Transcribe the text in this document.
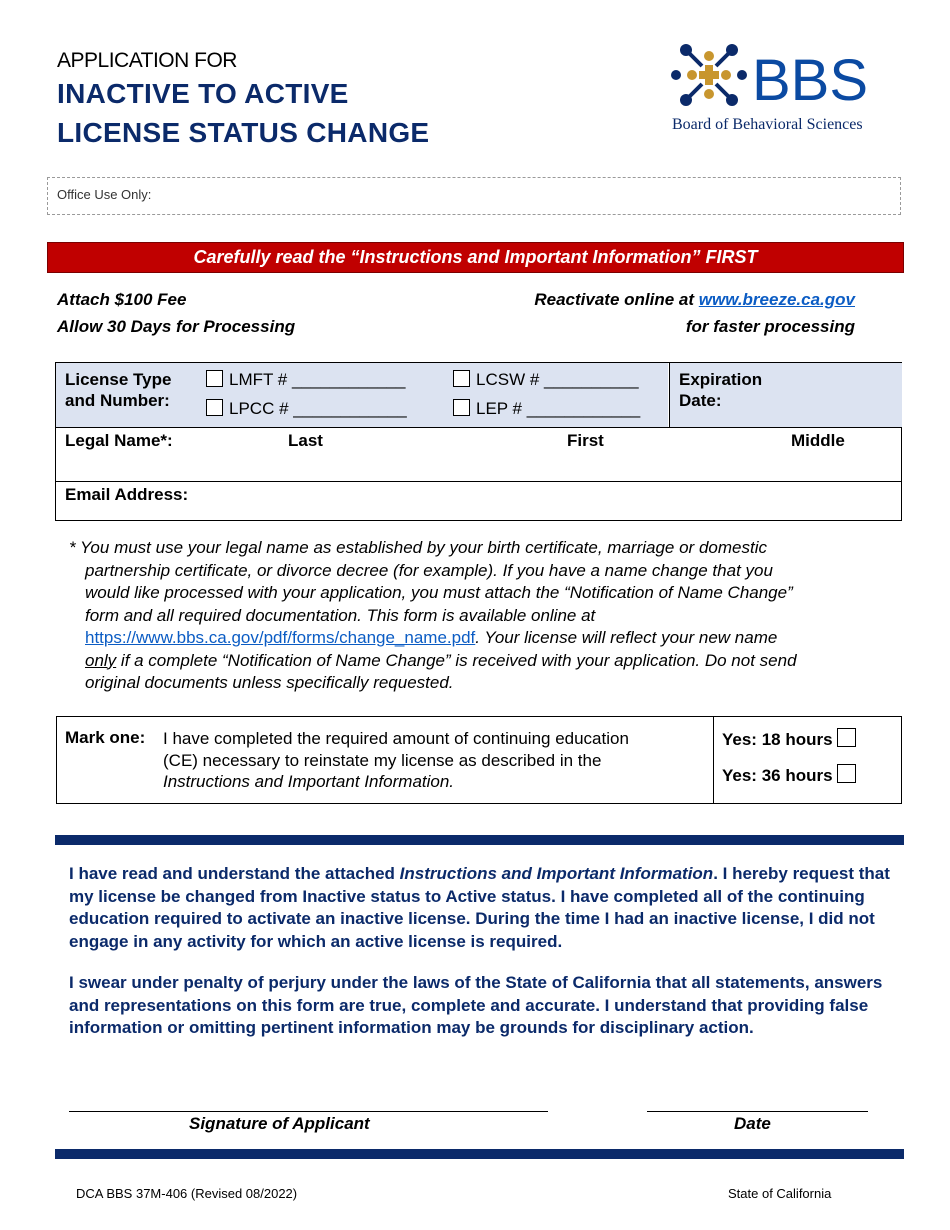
APPLICATION FOR
INACTIVE TO ACTIVE
LICENSE STATUS CHANGE
BBS
Board of Behavioral Sciences
Office Use Only:
Carefully read the “Instructions and Important Information” FIRST
Attach $100 Fee
Allow 30 Days for Processing
Reactivate online at www.breeze.ca.gov
for faster processing
License Type
and Number:
LMFT # ____________	LCSW # __________
LPCC # ____________	LEP # ____________
Expiration
Date:
Legal Name*:	Last	First	Middle
Email Address:
* You must use your legal name as established by your birth certificate, marriage or domestic
partnership certificate, or divorce decree (for example). If you have a name change that you
would like processed with your application, you must attach the “Notification of Name Change”
form and all required documentation. This form is available online at
https://www.bbs.ca.gov/pdf/forms/change_name.pdf. Your license will reflect your new name
only if a complete “Notification of Name Change” is received with your application. Do not send
original documents unless specifically requested.
Mark one: I have completed the required amount of continuing education
(CE) necessary to reinstate my license as described in the
Instructions and Important Information.
Yes: 18 hours
Yes: 36 hours
I have read and understand the attached Instructions and Important Information. I hereby request that my license be changed from Inactive status to Active status. I have completed all of the continuing education required to activate an inactive license. During the time I had an inactive license, I did not engage in any activity for which an active license is required.
I swear under penalty of perjury under the laws of the State of California that all statements, answers and representations on this form are true, complete and accurate. I understand that providing false information or omitting pertinent information may be grounds for disciplinary action.
Signature of Applicant	Date
DCA BBS 37M-406 (Revised 08/2022)	State of California
